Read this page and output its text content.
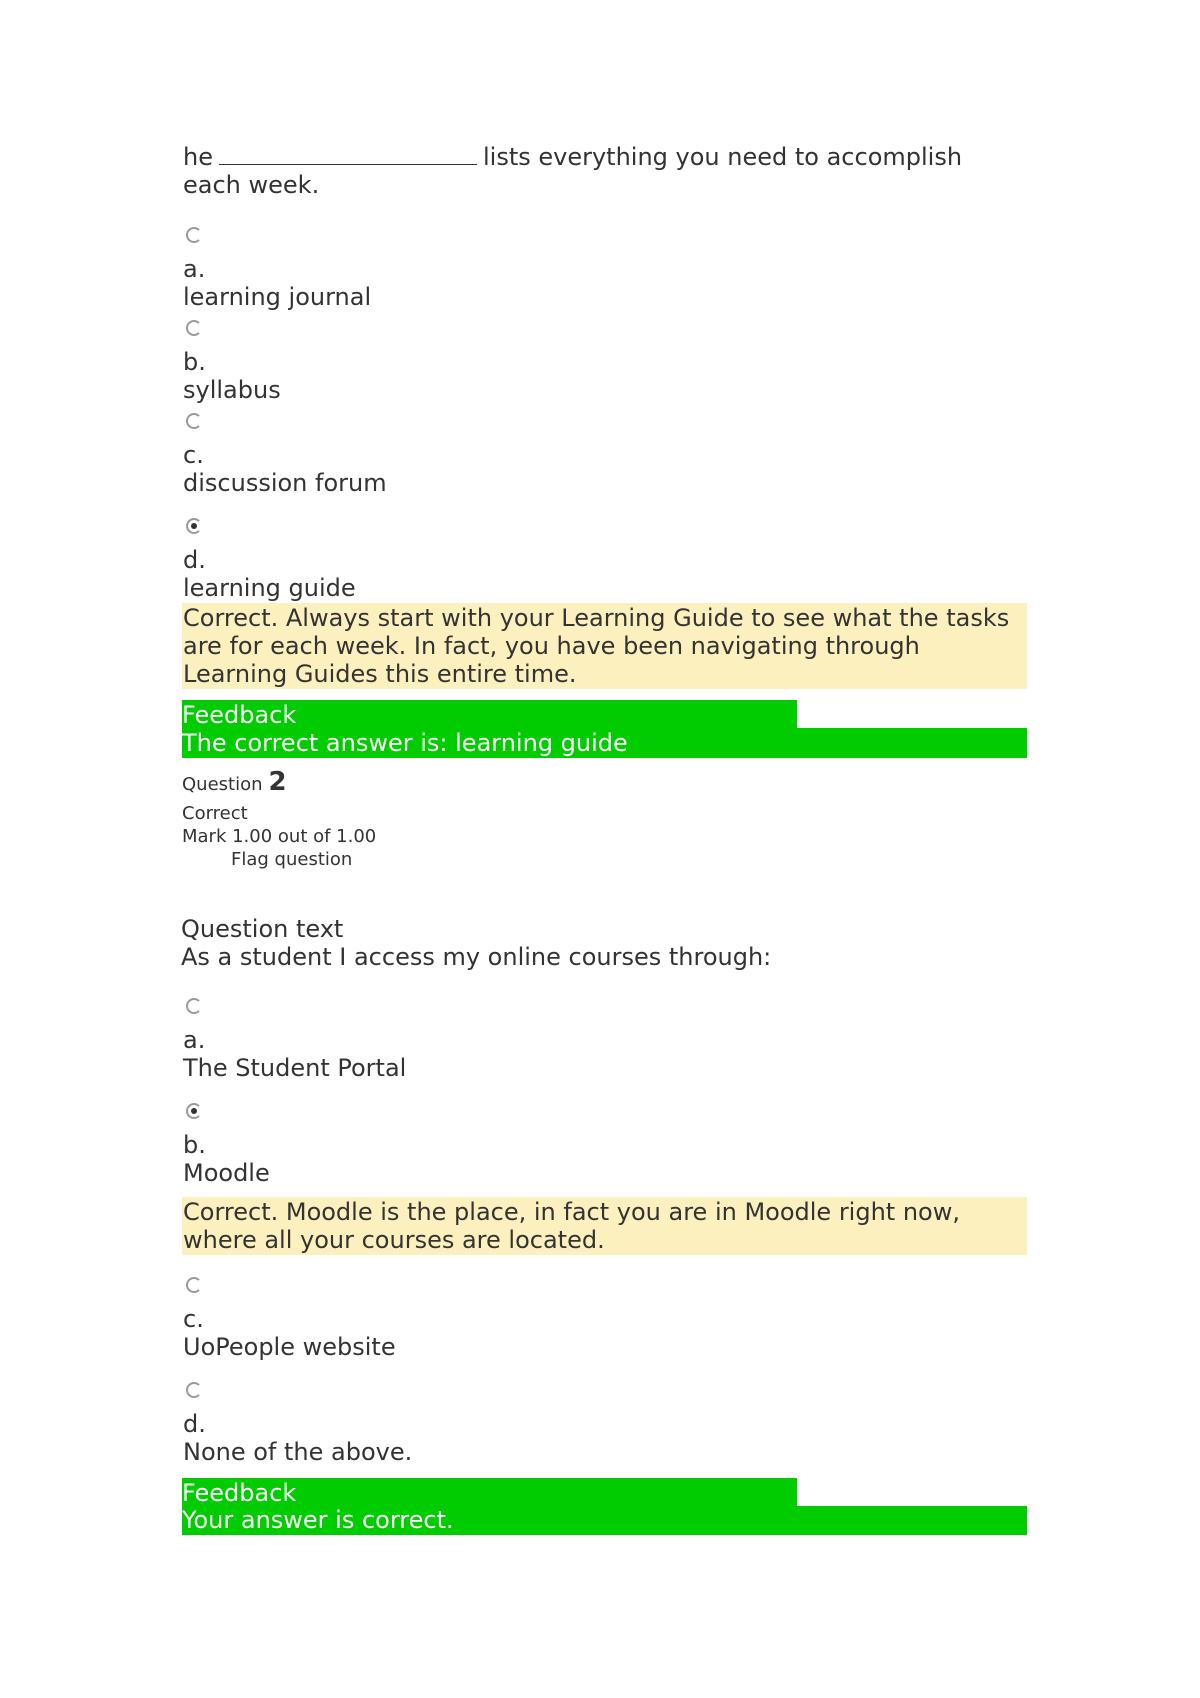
he	lists everything you need to accomplish
each week.
a.
learning journal
b.
syllabus
c.
discussion forum
d.
learning guide
Correct. Always start with your Learning Guide to see what the tasks
are for each week. In fact, you have been navigating through
Learning Guides this entire time.
Feedback
The correct answer is: learning guide
Question 2
Correct
Mark 1.00 out of 1.00
Flag question
Question text
As a student I access my online courses through:
a.
The Student Portal
b.
Moodle
Correct. Moodle is the place, in fact you are in Moodle right now,
where all your courses are located.
c.
UoPeople website
d.
None of the above.
Feedback
Your answer is correct.
